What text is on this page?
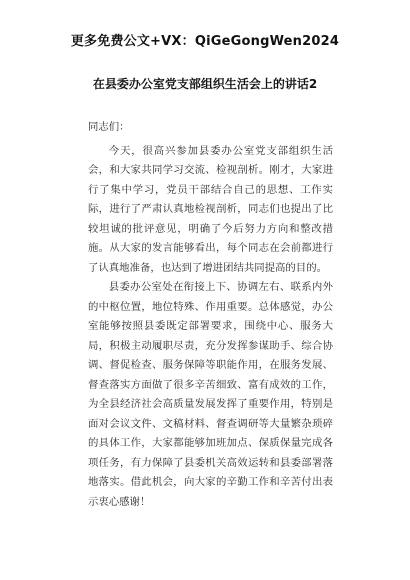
更多免费公文+VX：QiGeGongWen2024
在县委办公室党支部组织生活会上的讲话2

同志们：

今天，很高兴参加县委办公室党支部组织生活会，和大家共同学习交流、检视剖析。刚才，大家进行了集中学习，党员干部结合自己的思想、工作实际，进行了严肃认真地检视剖析，同志们也提出了比较坦诚的批评意见，明确了今后努力方向和整改措施。从大家的发言能够看出，每个同志在会前都进行了认真地准备，也达到了增进团结共同提高的目的。

县委办公室处在衔接上下、协调左右、联系内外的中枢位置，地位特殊、作用重要。总体感觉，办公室能够按照县委既定部署要求，围绕中心、服务大局，积极主动履职尽责，充分发挥参谋助手、综合协调、督促检查、服务保障等职能作用，在服务发展、督查落实方面做了很多辛苦细致、富有成效的工作，为全县经济社会高质量发展发挥了重要作用，特别是面对会议文件、文稿材料、督查调研等大量繁杂琐碎的具体工作，大家都能够加班加点、保质保量完成各项任务，有力保障了县委机关高效运转和县委部署落地落实。借此机会，向大家的辛勤工作和辛苦付出表示衷心感谢！
